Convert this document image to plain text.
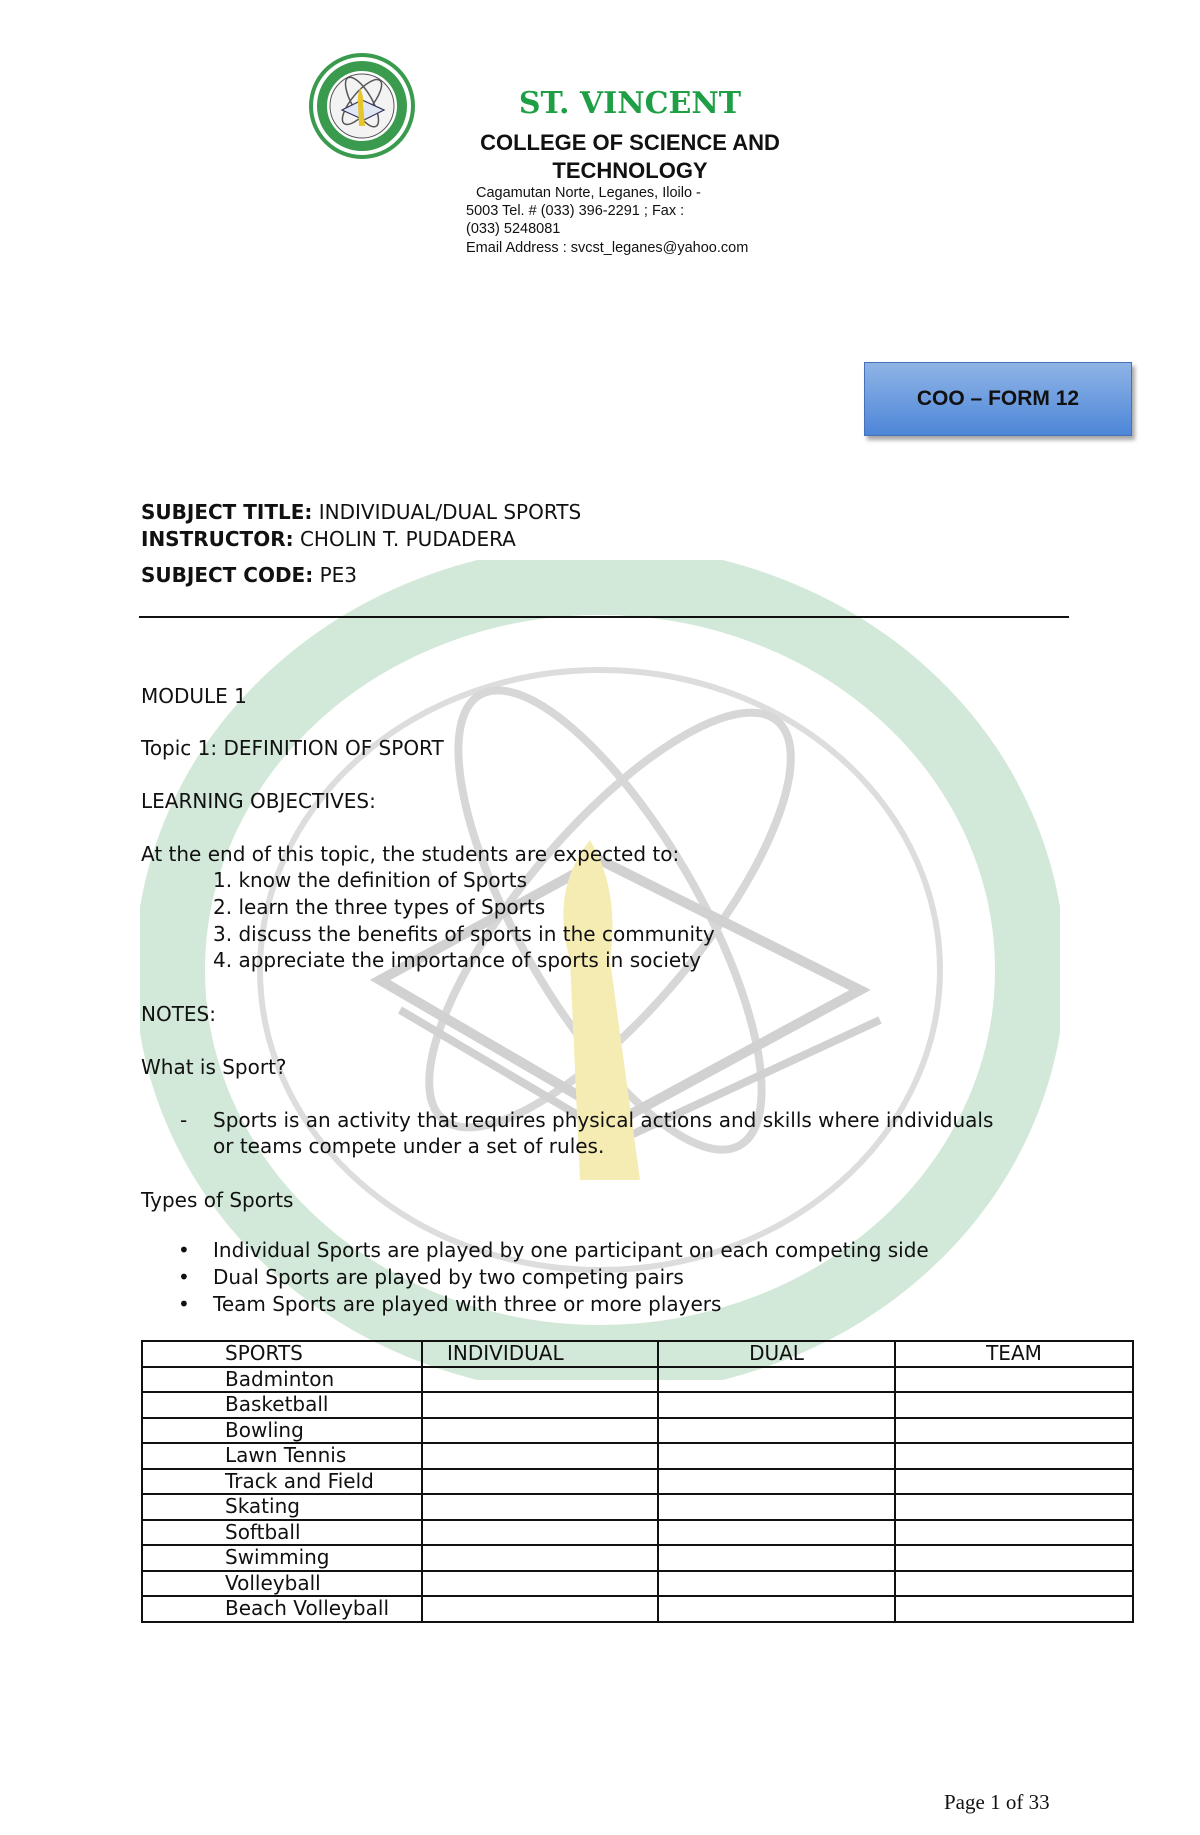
ST. VINCENT
COLLEGE OF SCIENCE AND
TECHNOLOGY
Cagamutan Norte, Leganes, Iloilo -
5003 Tel. # (033) 396-2291 ; Fax :
(033) 5248081
Email Address : svcst_leganes@yahoo.com
COO – FORM 12
SUBJECT TITLE: INDIVIDUAL/DUAL SPORTS
INSTRUCTOR: CHOLIN T. PUDADERA
SUBJECT CODE: PE3
MODULE 1
Topic 1: DEFINITION OF SPORT
LEARNING OBJECTIVES:
At the end of this topic, the students are expected to:
1. know the definition of Sports
2. learn the three types of Sports
3. discuss the benefits of sports in the community
4. appreciate the importance of sports in society
NOTES:
What is Sport?
- Sports is an activity that requires physical actions and skills where individuals
or teams compete under a set of rules.
Types of Sports
• Individual Sports are played by one participant on each competing side
• Dual Sports are played by two competing pairs
• Team Sports are played with three or more players
SPORTS	INDIVIDUAL	DUAL	TEAM
Badminton			
Basketball			
Bowling			
Lawn Tennis			
Track and Field			
Skating			
Softball			
Swimming			
Volleyball			
Beach Volleyball			
Page 1 of 33
